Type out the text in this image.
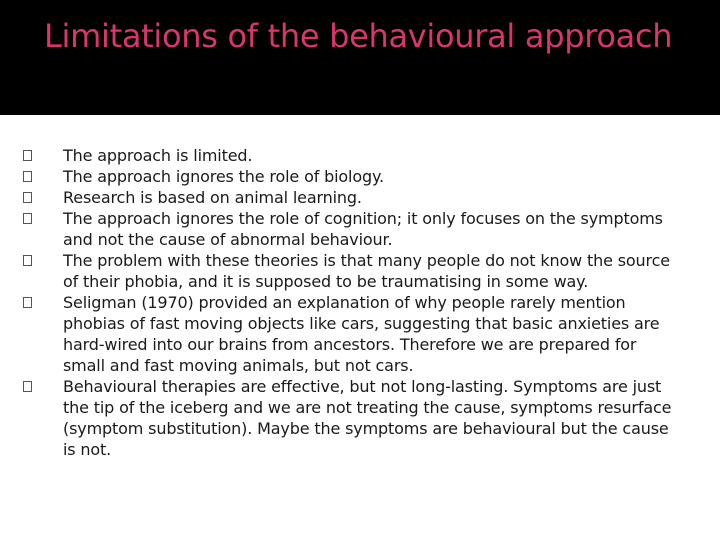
Limitations of the behavioural approach
The approach is limited.
The approach ignores the role of biology.
Research is based on animal learning.
The approach ignores the role of cognition; it only focuses on the symptoms and not the cause of abnormal behaviour.
The problem with these theories is that many people do not know the source of their phobia, and it is supposed to be traumatising in some way.
Seligman (1970) provided an explanation of why people rarely mention phobias of fast moving objects like cars, suggesting that basic anxieties are hard-wired into our brains from ancestors. Therefore we are prepared for small and fast moving animals, but not cars.
Behavioural therapies are effective, but not long-lasting. Symptoms are just the tip of the iceberg and we are not treating the cause, symptoms resurface (symptom substitution). Maybe the symptoms are behavioural but the cause is not.
